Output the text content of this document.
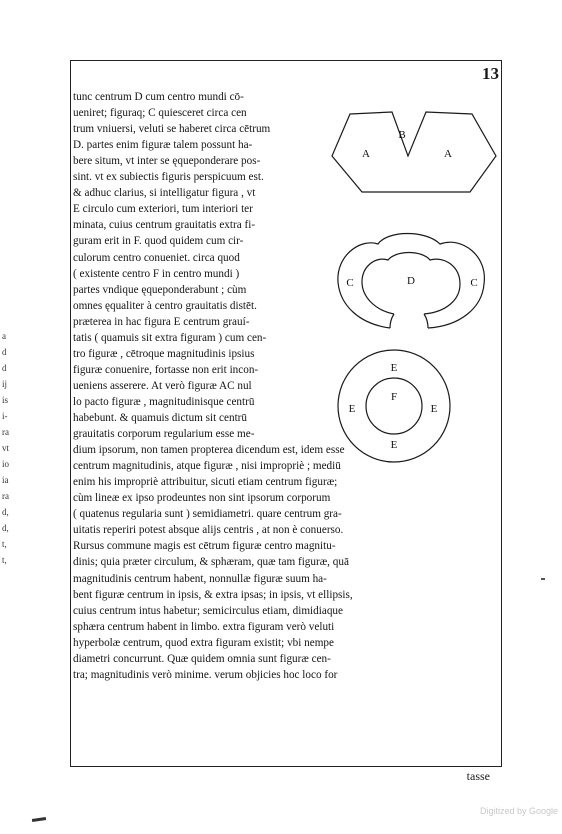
13
tunc centrum D cum centro mundi cō-
ueniret; figuraq; C quiesceret circa cen
trum vniuersi, veluti se haberet circa cētrum
D. partes enim figuræ talem possunt ha-
bere situm, vt inter se ęqueponderare pos-
sint. vt ex subiectis figuris perspicuum est.
& adhuc clarius, si intelligatur figura , vt
E circulo cum exteriori, tum interiori ter
minata, cuius centrum grauitatis extra fi-
guram erit in F. quod quidem cum cir-
culorum centro conueniet. circa quod
( existente centro F in centro mundi )
partes vndique ęqueponderabunt ; cùm
omnes ęqualiter à centro grauitatis distēt.
præterea in hac figura E centrum grauí-
tatis ( quamuis sit extra figuram ) cum cen-
tro figuræ , cētroque magnitudinis ipsius
figuræ conuenire, fortasse non erit incon-
ueniens asserere. At verò figuræ AC nul
lo pacto figuræ , magnitudinisque centrū
habebunt. & quamuis dictum sit centrū
grauitatis corporum regularium esse me-
dium ipsorum, non tamen propterea dicendum est, idem esse
centrum magnitudinis, atque figuræ , nisi impropriè ; mediū
enim his impropriè attribuitur, sicuti etiam centrum figuræ;
cùm lineæ ex ipso prodeuntes non sint ipsorum corporum
( quatenus regularia sunt ) semidiametri. quare centrum gra-
uitatis reperiri potest absque alijs centris , at non è conuerso.
Rursus commune magis est cētrum figuræ centro magnitu-
dinis; quia præter circulum, & sphæram, quæ tam figuræ, quā
magnitudinis centrum habent, nonnullæ figuræ suum ha-
bent figuræ centrum in ipsis, & extra ipsas; in ipsis, vt ellipsis,
cuius centrum intus habetur; semicirculus etiam, dimidiaque
sphæra centrum habent in limbo. extra figuram verò veluti
hyperbolæ centrum, quod extra figuram existit; vbi nempe
diametri concurrunt. Quæ quidem omnia sunt figuræ cen-
tra; magnitudinis verò minime. verum objicies hoc loco for
tasse
B
A	A
D
C	C
E
E
F
E
E
a
d
d
ij
is
i-
ra
vt
io
ia
ra
d,
d,
t,
t,
Digitized by Google
